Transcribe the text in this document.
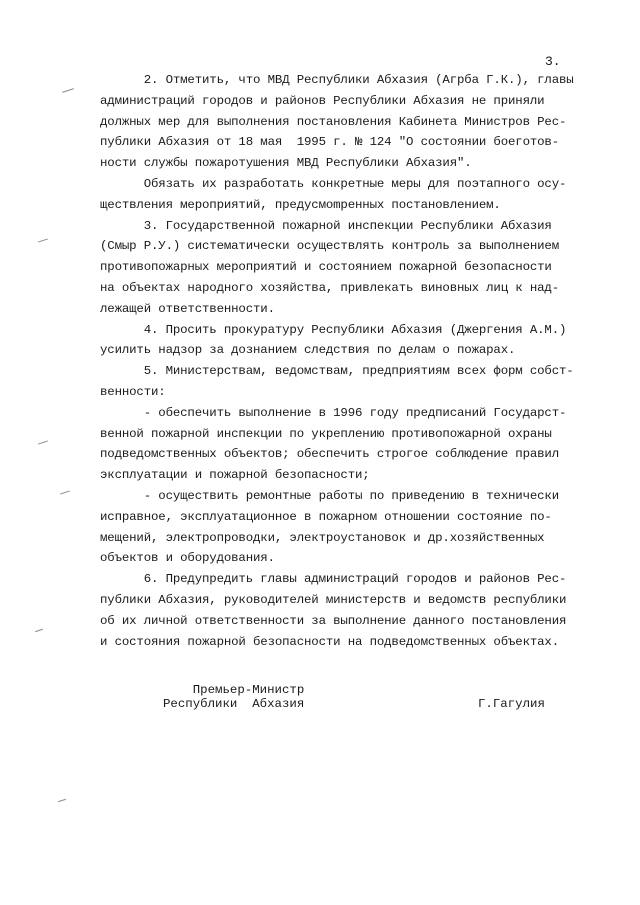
3.

2. Отметить, что МВД Республики Абхазия (Агрба Г.К.), главы

администраций городов и районов Республики Абхазия не приняли

должных мер для выполнения постановления Кабинета Министров Рес-

публики Абхазия от 18 мая  1995 г. № 124 "О состоянии боеготов-

ности службы пожаротушения МВД Республики Абхазия".

Обязать их разработать конкретные меры для поэтапного осу-

ществления мероприятий, предусмоmренных постановлением.

3. Государственной пожарной инспекции Республики Абхазия

(Смыр Р.У.) систематически осуществлять контроль за выполнением

противопожарных мероприятий и состоянием пожарной безопасности

на объектах народного хозяйства, привлекать виновных лиц к над-

лежащей ответственности.

4. Просить прокуратуру Республики Абхазия (Джергения А.М.)

усилить надзор за дознанием следствия по делам о пожарах.

5. Министерствам, ведомствам, предприятиям всех форм собст-

венности:

- обеспечить выполнение в 1996 году предписаний Государст-

венной пожарной инспекции по укреплению противопожарной охраны

подведомственных объектов; обеспечить строгое соблюдение правил

эксплуатации и пожарной безопасности;

- осуществить ремонтные работы по приведению в технически

исправное, эксплуатационное в пожарном отношении состояние по-

мещений, электропроводки, электроустановок и др.хозяйственных

объектов и оборудования.

6. Предупредить главы администраций городов и районов Рес-

публики Абхазия, руководителей министерств и ведомств республики

об их личной ответственности за выполнение данного постановления

и состояния пожарной безопасности на подведомственных объектах.

Премьер-Министр
Республики  Абхазия	Г.Гагулия
